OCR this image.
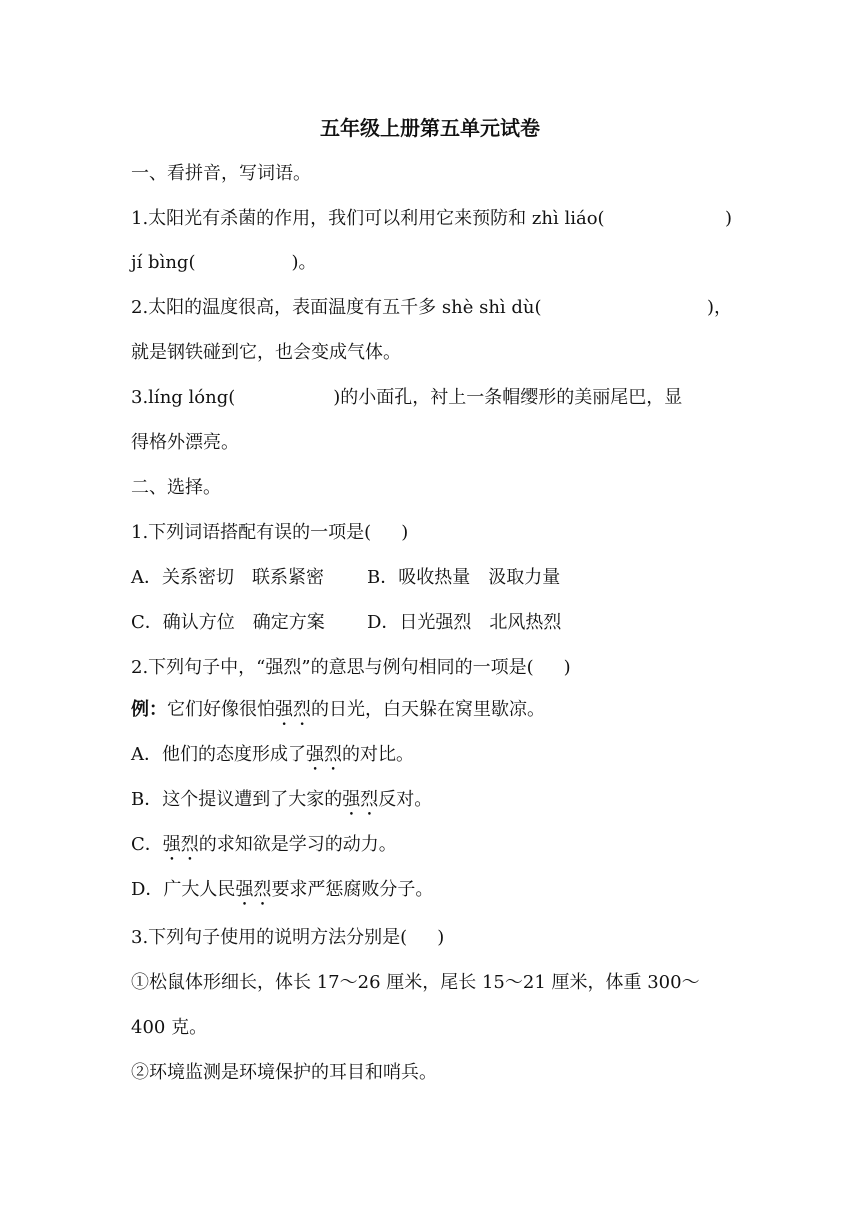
五年级上册第五单元试卷
一、看拼音，写词语。
1.太阳光有杀菌的作用，我们可以利用它来预防和 zhì liáo(	)
jí bìng(	)。
2.太阳的温度很高，表面温度有五千多 shè shì dù(	)，
就是钢铁碰到它，也会变成气体。
3.líng lóng(	)的小面孔，衬上一条帽缨形的美丽尾巴，显
得格外漂亮。
二、选择。
1.下列词语搭配有误的一项是( )
A．关系密切　联系紧密 B．吸收热量　汲取力量
C．确认方位　确定方案 D．日光强烈　北风热烈
2.下列句子中，“强烈”的意思与例句相同的一项是( )
例：它们好像很怕强烈的日光，白天躲在窝里歇凉。
A．他们的态度形成了强烈的对比。
B．这个提议遭到了大家的强烈反对。
C．强烈的求知欲是学习的动力。
D．广大人民强烈要求严惩腐败分子。
3.下列句子使用的说明方法分别是( )
①松鼠体形细长，体长 17～26 厘米，尾长 15～21 厘米，体重 300～
400 克。
②环境监测是环境保护的耳目和哨兵。
